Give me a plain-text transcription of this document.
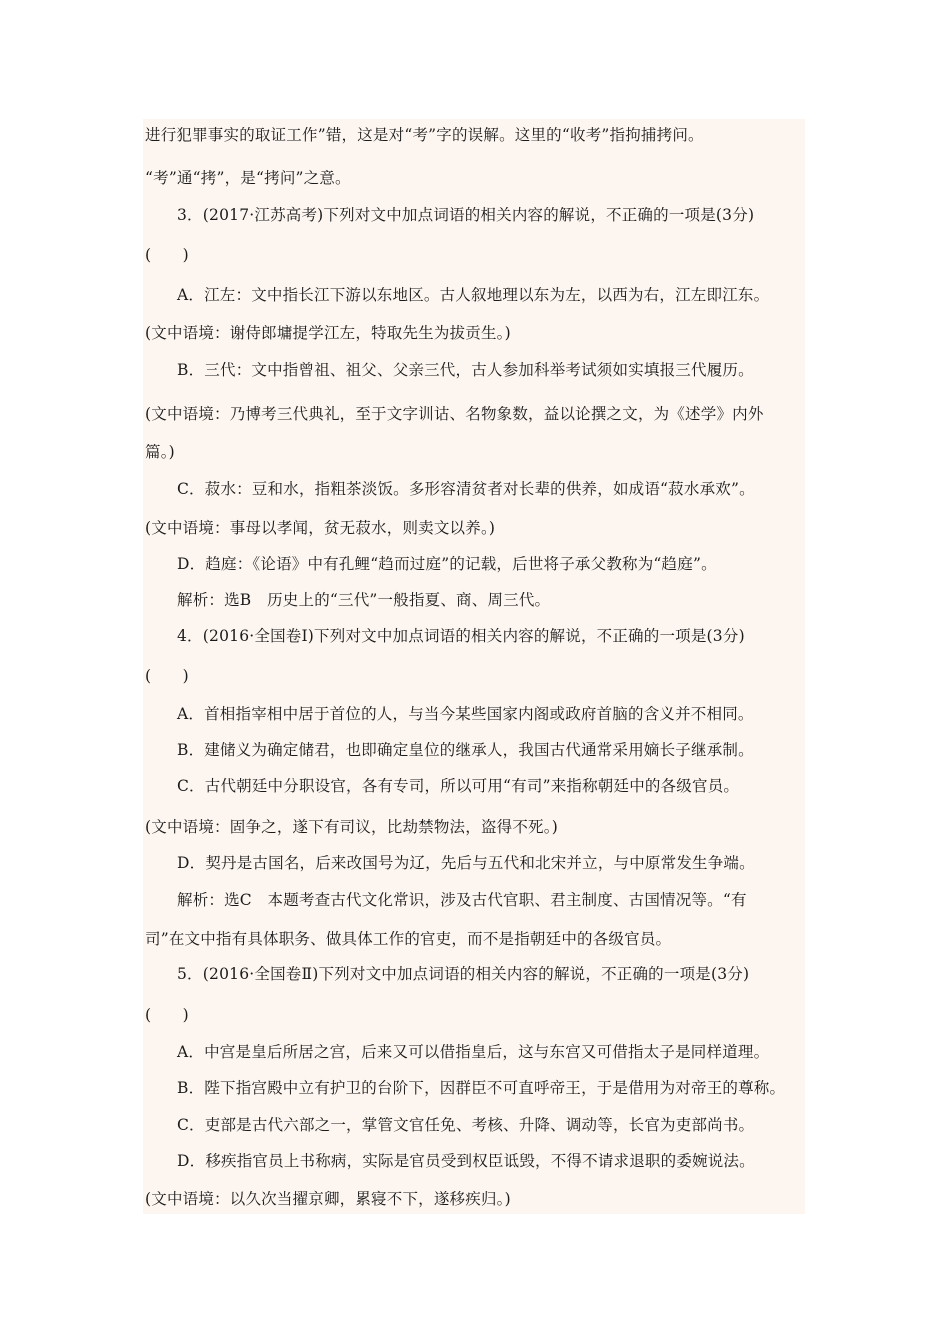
进行犯罪事实的取证工作”错，这是对“考”字的误解。这里的“收考”指拘捕拷问。
“考”通“拷”，是“拷问”之意。
3．(2017·江苏高考)下列对文中加点词语的相关内容的解说，不正确的一项是(3分)
(　　)
A．江左：文中指长江下游以东地区。古人叙地理以东为左，以西为右，江左即江东。
(文中语境：谢侍郎墉提学江左，特取先生为拔贡生。)
B．三代：文中指曾祖、祖父、父亲三代，古人参加科举考试须如实填报三代履历。
(文中语境：乃博考三代典礼，至于文字训诂、名物象数，益以论撰之文，为《述学》内外
篇。)
C．菽水：豆和水，指粗茶淡饭。多形容清贫者对长辈的供养，如成语“菽水承欢”。
(文中语境：事母以孝闻，贫无菽水，则卖文以养。)
D．趋庭：《论语》中有孔鲤“趋而过庭”的记载，后世将子承父教称为“趋庭”。
解析：选B　历史上的“三代”一般指夏、商、周三代。
4．(2016·全国卷Ⅰ)下列对文中加点词语的相关内容的解说，不正确的一项是(3分)
(　　)
A．首相指宰相中居于首位的人，与当今某些国家内阁或政府首脑的含义并不相同。
B．建储义为确定储君，也即确定皇位的继承人，我国古代通常采用嫡长子继承制。
C．古代朝廷中分职设官，各有专司，所以可用“有司”来指称朝廷中的各级官员。
(文中语境：固争之，遂下有司议，比劫禁物法，盗得不死。)
D．契丹是古国名，后来改国号为辽，先后与五代和北宋并立，与中原常发生争端。
解析：选C　本题考查古代文化常识，涉及古代官职、君主制度、古国情况等。“有
司”在文中指有具体职务、做具体工作的官吏，而不是指朝廷中的各级官员。
5．(2016·全国卷Ⅱ)下列对文中加点词语的相关内容的解说，不正确的一项是(3分)
(　　)
A．中宫是皇后所居之宫，后来又可以借指皇后，这与东宫又可借指太子是同样道理。
B．陛下指宫殿中立有护卫的台阶下，因群臣不可直呼帝王，于是借用为对帝王的尊称。
C．吏部是古代六部之一，掌管文官任免、考核、升降、调动等，长官为吏部尚书。
D．移疾指官员上书称病，实际是官员受到权臣诋毁，不得不请求退职的委婉说法。
(文中语境：以久次当擢京卿，累寝不下，遂移疾归。)
